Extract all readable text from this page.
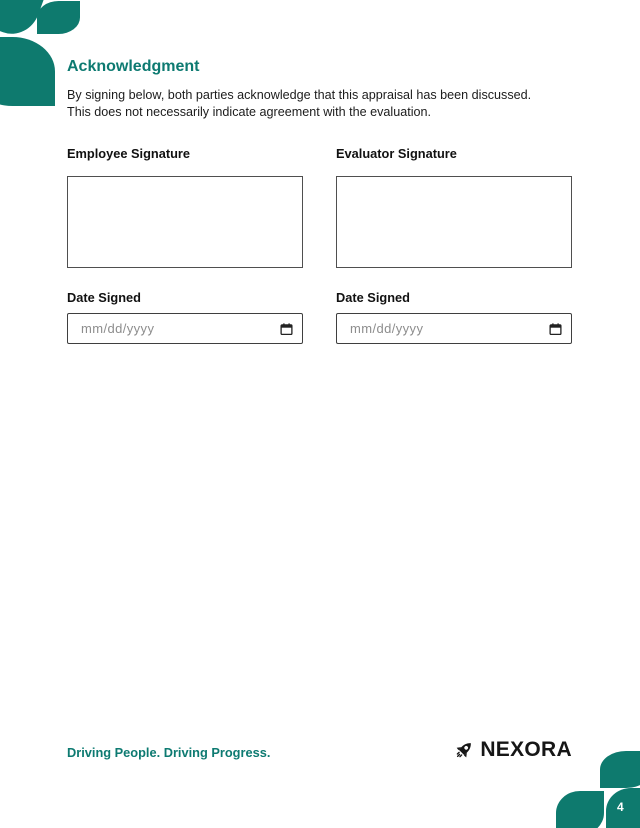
Acknowledgment

By signing below, both parties acknowledge that this appraisal has been discussed.
This does not necessarily indicate agreement with the evaluation.

Employee Signature
Date Signed
mm/dd/yyyy
Evaluator Signature
Date Signed
mm/dd/yyyy
Driving People. Driving Progress.	NEXORA
4
